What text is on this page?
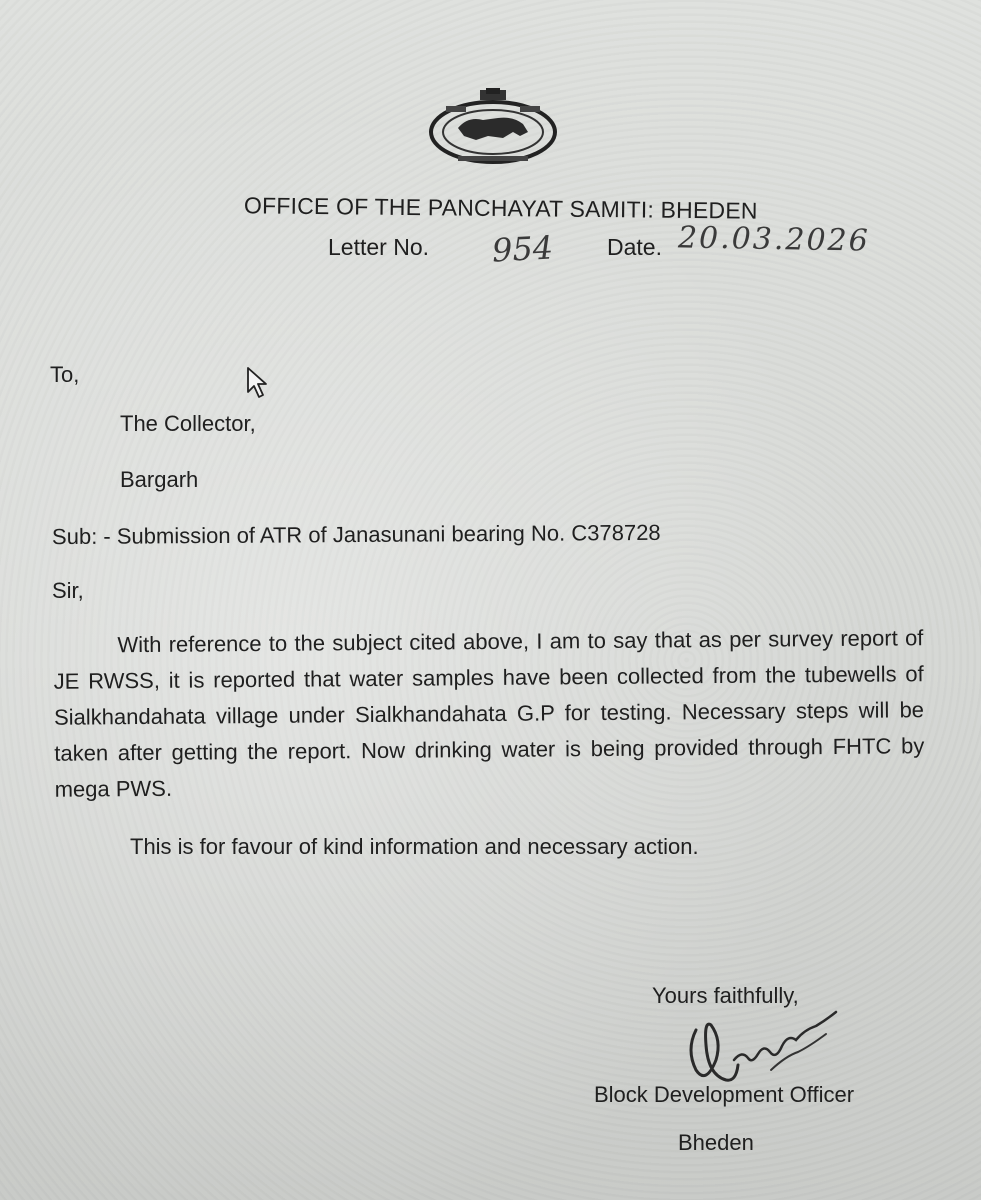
OFFICE OF THE PANCHAYAT SAMITI: BHEDEN
Letter No. 954 Date. 20.03.2026
To,
The Collector,
Bargarh
Sub: - Submission of ATR of Janasunani bearing No. C378728
Sir,
With reference to the subject cited above, I am to say that as per survey report of JE RWSS, it is reported that water samples have been collected from the tubewells of Sialkhandahata village under Sialkhandahata G.P for testing. Necessary steps will be taken after getting the report. Now drinking water is being provided through FHTC by mega PWS.
This is for favour of kind information and necessary action.
Yours faithfully,
Block Development Officer
Bheden
